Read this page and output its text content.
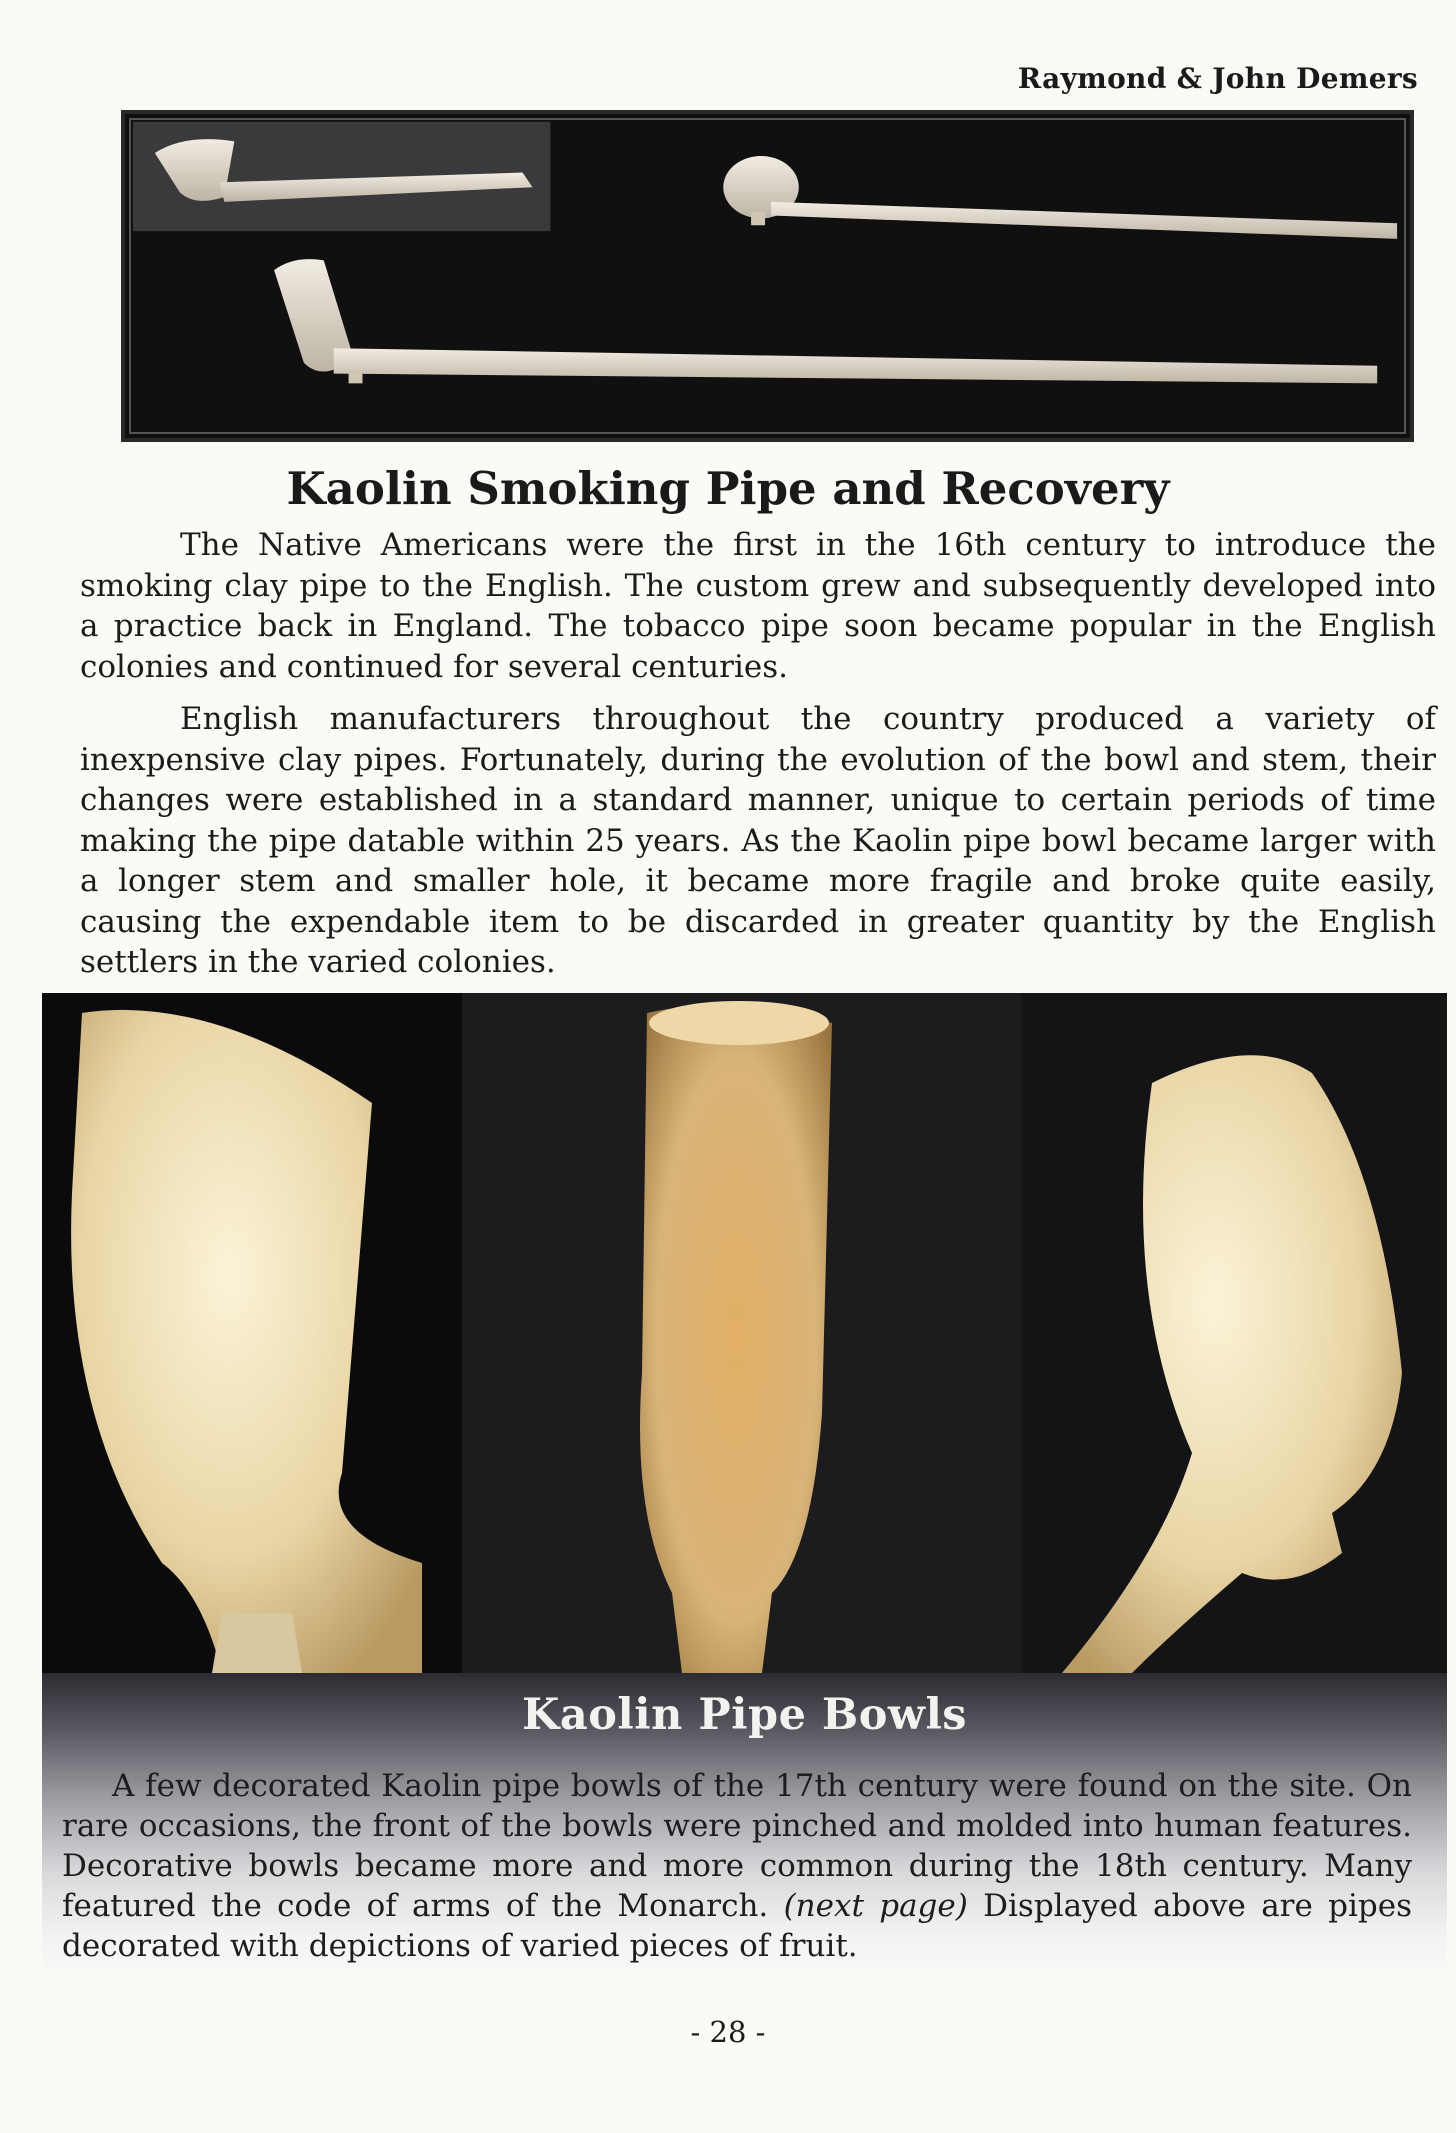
Raymond & John Demers
Kaolin Smoking Pipe and Recovery

The Native Americans were the first in the 16th century to introduce the smoking clay pipe to the English. The custom grew and subsequently developed into a practice back in England. The tobacco pipe soon became popular in the English colonies and continued for several centuries.

English manufacturers throughout the country produced a variety of inexpensive clay pipes. Fortunately, during the evolution of the bowl and stem, their changes were established in a standard manner, unique to certain periods of time making the pipe datable within 25 years. As the Kaolin pipe bowl became larger with a longer stem and smaller hole, it became more fragile and broke quite easily, causing the expendable item to be discarded in greater quantity by the English settlers in the varied colonies.

Kaolin Pipe Bowls

A few decorated Kaolin pipe bowls of the 17th century were found on the site. On rare occasions, the front of the bowls were pinched and molded into human features. Decorative bowls became more and more common during the 18th century. Many featured the code of arms of the Monarch. (next page) Displayed above are pipes decorated with depictions of varied pieces of fruit.

- 28 -
